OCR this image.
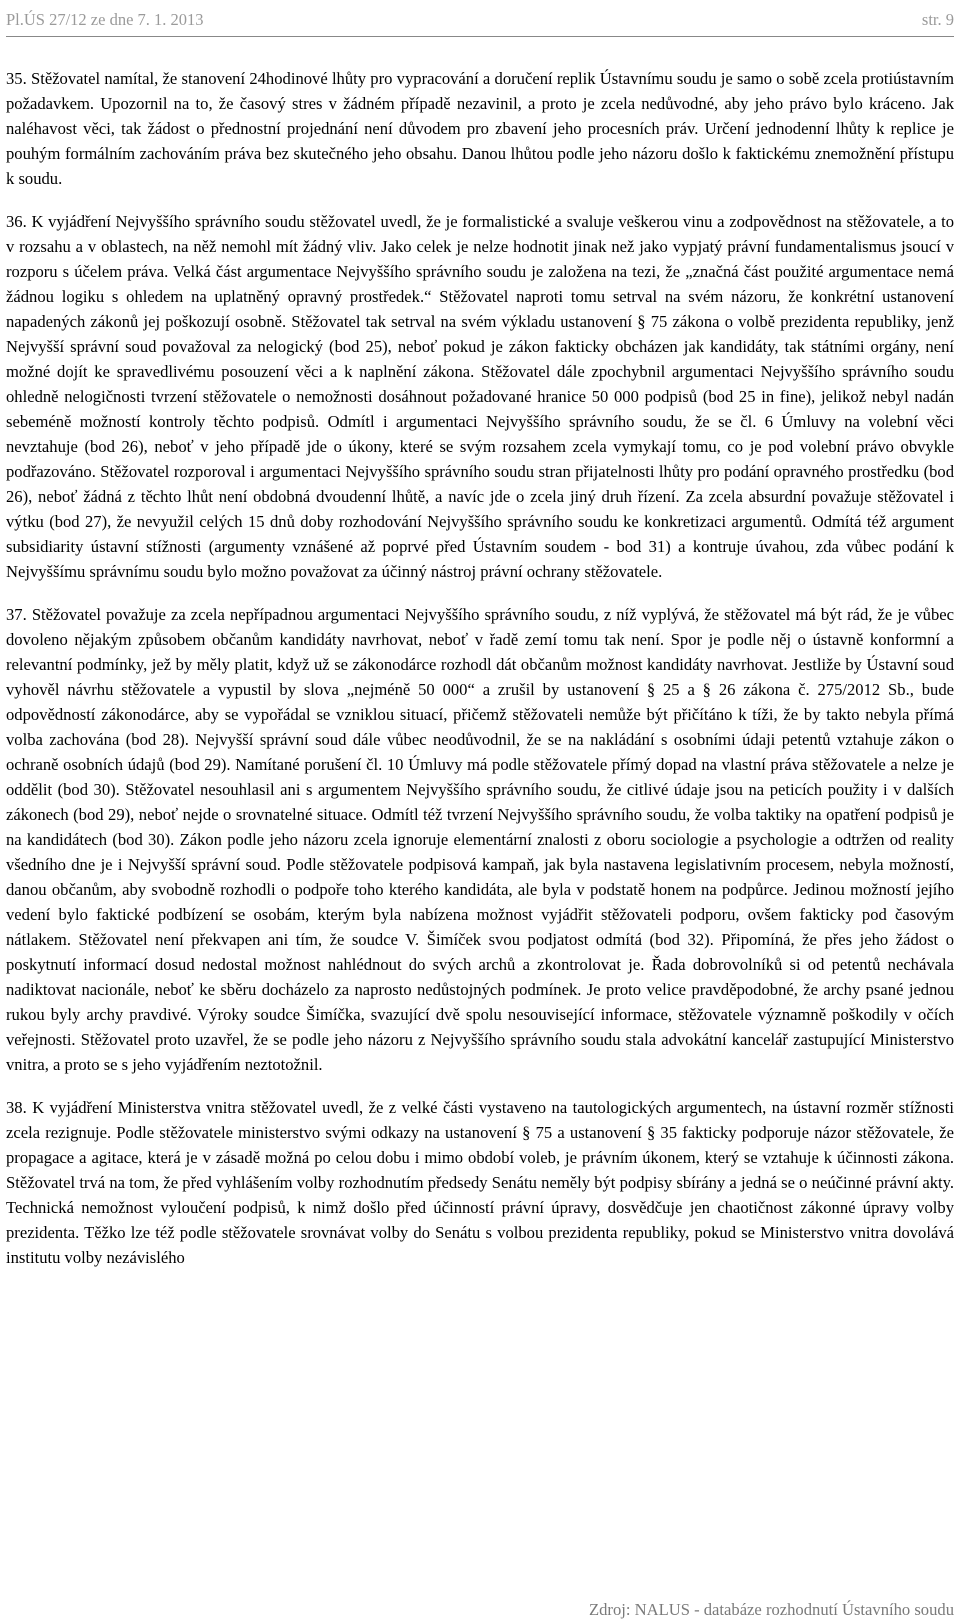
Pl.ÚS 27/12 ze dne 7. 1. 2013	str. 9

35. Stěžovatel namítal, že stanovení 24hodinové lhůty pro vypracování a doručení replik Ústavnímu soudu je samo o sobě zcela protiústavním požadavkem. Upozornil na to, že časový stres v žádném případě nezavinil, a proto je zcela nedůvodné, aby jeho právo bylo kráceno. Jak naléhavost věci, tak žádost o přednostní projednání není důvodem pro zbavení jeho procesních práv. Určení jednodenní lhůty k replice je pouhým formálním zachováním práva bez skutečného jeho obsahu. Danou lhůtou podle jeho názoru došlo k faktickému znemožnění přístupu k soudu.

36. K vyjádření Nejvyššího správního soudu stěžovatel uvedl, že je formalistické a svaluje veškerou vinu a zodpovědnost na stěžovatele, a to v rozsahu a v oblastech, na něž nemohl mít žádný vliv. Jako celek je nelze hodnotit jinak než jako vypjatý právní fundamentalismus jsoucí v rozporu s účelem práva. Velká část argumentace Nejvyššího správního soudu je založena na tezi, že „značná část použité argumentace nemá žádnou logiku s ohledem na uplatněný opravný prostředek.“ Stěžovatel naproti tomu setrval na svém názoru, že konkrétní ustanovení napadených zákonů jej poškozují osobně. Stěžovatel tak setrval na svém výkladu ustanovení § 75 zákona o volbě prezidenta republiky, jenž Nejvyšší správní soud považoval za nelogický (bod 25), neboť pokud je zákon fakticky obcházen jak kandidáty, tak státními orgány, není možné dojít ke spravedlivému posouzení věci a k naplnění zákona. Stěžovatel dále zpochybnil argumentaci Nejvyššího správního soudu ohledně nelogičnosti tvrzení stěžovatele o nemožnosti dosáhnout požadované hranice 50 000 podpisů (bod 25 in fine), jelikož nebyl nadán sebeméně možností kontroly těchto podpisů. Odmítl i argumentaci Nejvyššího správního soudu, že se čl. 6 Úmluvy na volební věci nevztahuje (bod 26), neboť v jeho případě jde o úkony, které se svým rozsahem zcela vymykají tomu, co je pod volební právo obvykle podřazováno. Stěžovatel rozporoval i argumentaci Nejvyššího správního soudu stran přijatelnosti lhůty pro podání opravného prostředku (bod 26), neboť žádná z těchto lhůt není obdobná dvoudenní lhůtě, a navíc jde o zcela jiný druh řízení. Za zcela absurdní považuje stěžovatel i výtku (bod 27), že nevyužil celých 15 dnů doby rozhodování Nejvyššího správního soudu ke konkretizaci argumentů. Odmítá též argument subsidiarity ústavní stížnosti (argumenty vznášené až poprvé před Ústavním soudem - bod 31) a kontruje úvahou, zda vůbec podání k Nejvyššímu správnímu soudu bylo možno považovat za účinný nástroj právní ochrany stěžovatele.

37. Stěžovatel považuje za zcela nepřípadnou argumentaci Nejvyššího správního soudu, z níž vyplývá, že stěžovatel má být rád, že je vůbec dovoleno nějakým způsobem občanům kandidáty navrhovat, neboť v řadě zemí tomu tak není. Spor je podle něj o ústavně konformní a relevantní podmínky, jež by měly platit, když už se zákonodárce rozhodl dát občanům možnost kandidáty navrhovat. Jestliže by Ústavní soud vyhověl návrhu stěžovatele a vypustil by slova „nejméně 50 000“ a zrušil by ustanovení § 25 a § 26 zákona č. 275/2012 Sb., bude odpovědností zákonodárce, aby se vypořádal se vzniklou situací, přičemž stěžovateli nemůže být přičítáno k tíži, že by takto nebyla přímá volba zachována (bod 28). Nejvyšší správní soud dále vůbec neodůvodnil, že se na nakládání s osobními údaji petentů vztahuje zákon o ochraně osobních údajů (bod 29). Namítané porušení čl. 10 Úmluvy má podle stěžovatele přímý dopad na vlastní práva stěžovatele a nelze je oddělit (bod 30). Stěžovatel nesouhlasil ani s argumentem Nejvyššího správního soudu, že citlivé údaje jsou na peticích použity i v dalších zákonech (bod 29), neboť nejde o srovnatelné situace. Odmítl též tvrzení Nejvyššího správního soudu, že volba taktiky na opatření podpisů je na kandidátech (bod 30). Zákon podle jeho názoru zcela ignoruje elementární znalosti z oboru sociologie a psychologie a odtržen od reality všedního dne je i Nejvyšší správní soud. Podle stěžovatele podpisová kampaň, jak byla nastavena legislativním procesem, nebyla možností, danou občanům, aby svobodně rozhodli o podpoře toho kterého kandidáta, ale byla v podstatě honem na podpůrce. Jedinou možností jejího vedení bylo faktické podbízení se osobám, kterým byla nabízena možnost vyjádřit stěžovateli podporu, ovšem fakticky pod časovým nátlakem. Stěžovatel není překvapen ani tím, že soudce V. Šimíček svou podjatost odmítá (bod 32). Připomíná, že přes jeho žádost o poskytnutí informací dosud nedostal možnost nahlédnout do svých archů a zkontrolovat je. Řada dobrovolníků si od petentů nechávala nadiktovat nacionále, neboť ke sběru docházelo za naprosto nedůstojných podmínek. Je proto velice pravděpodobné, že archy psané jednou rukou byly archy pravdivé. Výroky soudce Šimíčka, svazující dvě spolu nesouvisející informace, stěžovatele významně poškodily v očích veřejnosti. Stěžovatel proto uzavřel, že se podle jeho názoru z Nejvyššího správního soudu stala advokátní kancelář zastupující Ministerstvo vnitra, a proto se s jeho vyjádřením neztotožnil.

38. K vyjádření Ministerstva vnitra stěžovatel uvedl, že z velké části vystaveno na tautologických argumentech, na ústavní rozměr stížnosti zcela rezignuje. Podle stěžovatele ministerstvo svými odkazy na ustanovení § 75 a ustanovení § 35 fakticky podporuje názor stěžovatele, že propagace a agitace, která je v zásadě možná po celou dobu i mimo období voleb, je právním úkonem, který se vztahuje k účinnosti zákona. Stěžovatel trvá na tom, že před vyhlášením volby rozhodnutím předsedy Senátu neměly být podpisy sbírány a jedná se o neúčinné právní akty. Technická nemožnost vyloučení podpisů, k nimž došlo před účinností právní úpravy, dosvědčuje jen chaotičnost zákonné úpravy volby prezidenta. Těžko lze též podle stěžovatele srovnávat volby do Senátu s volbou prezidenta republiky, pokud se Ministerstvo vnitra dovolává institutu volby nezávislého

Zdroj: NALUS - databáze rozhodnutí Ústavního soudu
